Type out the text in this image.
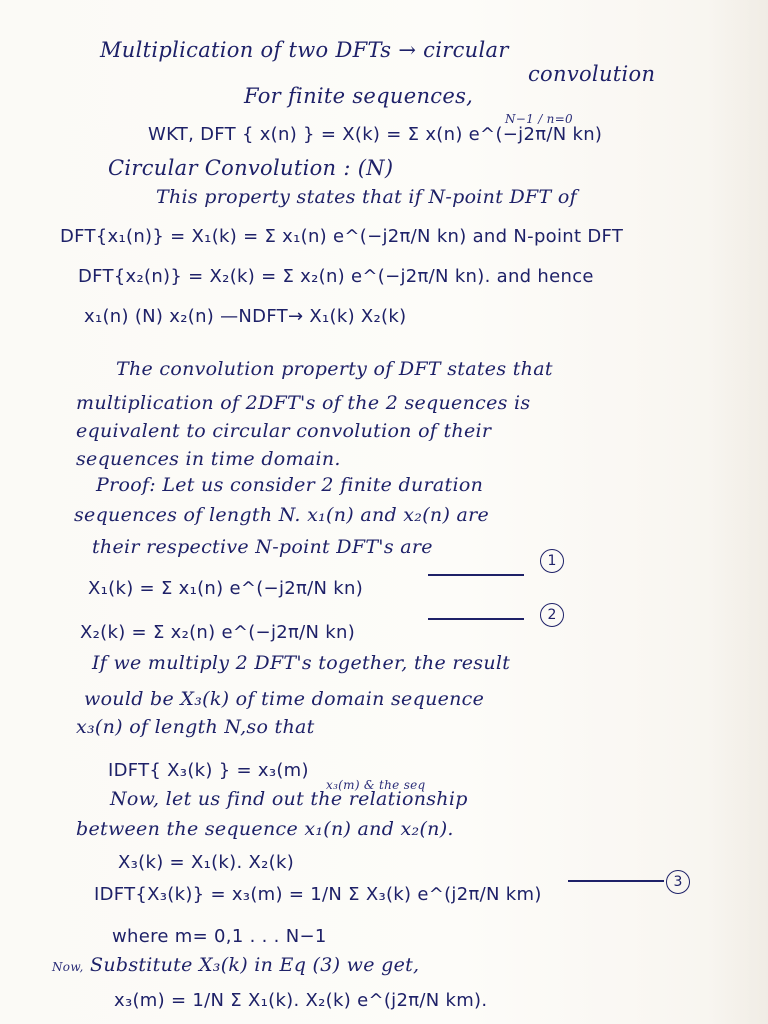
Multiplication of two DFTs → circular
convolution
For finite sequences,
N−1 / n=0
WKT, DFT { x(n) } = X(k) = Σ x(n) e^(−j2π/N kn)
Circular Convolution : (N)
This property states that if N-point DFT of
DFT{x₁(n)} = X₁(k) = Σ x₁(n) e^(−j2π/N kn) and N-point DFT
DFT{x₂(n)} = X₂(k) = Σ x₂(n) e^(−j2π/N kn). and hence
x₁(n) (N) x₂(n) —NDFT→ X₁(k) X₂(k)
The convolution property of DFT states that
multiplication of 2DFT's of the 2 sequences is
equivalent to circular convolution of their
sequences in time domain.
Proof: Let us consider 2 finite duration
sequences of length N. x₁(n) and x₂(n) are
their respective N-point DFT's are
X₁(k) = Σ x₁(n) e^(−j2π/N kn)
1
X₂(k) = Σ x₂(n) e^(−j2π/N kn)
2
If we multiply 2 DFT's together, the result
would be X₃(k) of time domain sequence
x₃(n) of length N,so that
IDFT{ X₃(k) } = x₃(m)
x₃(m) & the seq
Now, let us find out the relationship
between the sequence x₁(n) and x₂(n).
X₃(k) = X₁(k). X₂(k)
IDFT{X₃(k)} = x₃(m) = 1/N Σ X₃(k) e^(j2π/N km)
3
where m= 0,1 . . . N−1
Now, Substitute X₃(k) in Eq (3) we get,
x₃(m) = 1/N Σ X₁(k). X₂(k) e^(j2π/N km).
